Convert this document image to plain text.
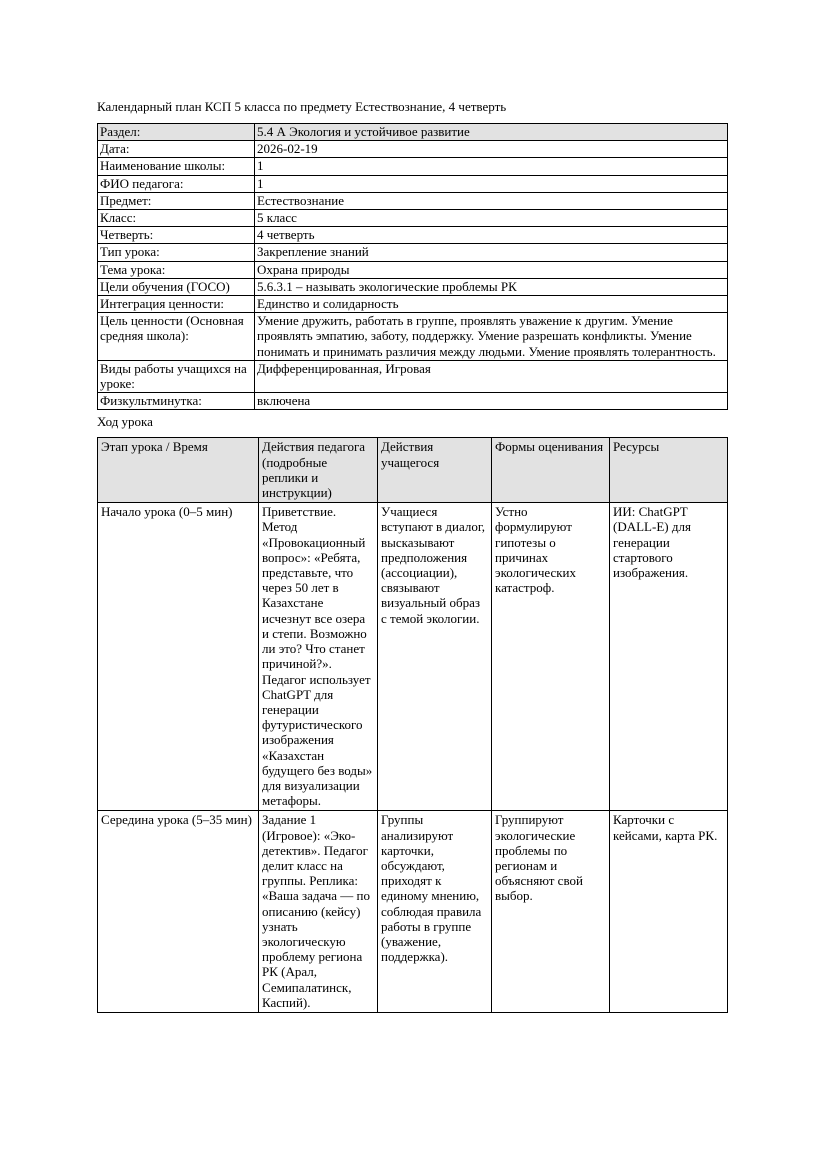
Календарный план КСП 5 класса по предмету Естествознание, 4 четверть
Раздел:	5.4 А Экология и устойчивое развитие
Дата:	2026-02-19
Наименование школы:	1
ФИО педагога:	1
Предмет:	Естествознание
Класс:	5 класс
Четверть:	4 четверть
Тип урока:	Закрепление знаний
Тема урока:	Охрана природы
Цели обучения (ГОСО)	5.6.3.1 – называть экологические проблемы РК
Интеграция ценности:	Единство и солидарность
Цель ценности (Основная средняя школа):	Умение дружить, работать в группе, проявлять уважение к другим. Умение проявлять эмпатию, заботу, поддержку. Умение разрешать конфликты. Умение понимать и принимать различия между людьми. Умение проявлять толерантность.
Виды работы учащихся на уроке:	Дифференцированная, Игровая
Физкультминутка:	включена
Ход урока
Этап урока / Время	Действия педагога (подробные реплики и инструкции)	Действия учащегося	Формы оценивания	Ресурсы
Начало урока (0–5 мин)	Приветствие. Метод «Провокационный вопрос»: «Ребята, представьте, что через 50 лет в Казахстане исчезнут все озера и степи. Возможно ли это? Что станет причиной?». Педагог использует ChatGPT для генерации футуристического изображения «Казахстан будущего без воды» для визуализации метафоры.	Учащиеся вступают в диалог, высказывают предположения (ассоциации), связывают визуальный образ с темой экологии.	Устно формулируют гипотезы о причинах экологических катастроф.	ИИ: ChatGPT (DALL-E) для генерации стартового изображения.
Середина урока (5–35 мин)	Задание 1 (Игровое): «Эко-детектив». Педагог делит класс на группы. Реплика: «Ваша задача — по описанию (кейсу) узнать экологическую проблему региона РК (Арал, Семипалатинск, Каспий).	Группы анализируют карточки, обсуждают, приходят к единому мнению, соблюдая правила работы в группе (уважение, поддержка).	Группируют экологические проблемы по регионам и объясняют свой выбор.	Карточки с кейсами, карта РК.
